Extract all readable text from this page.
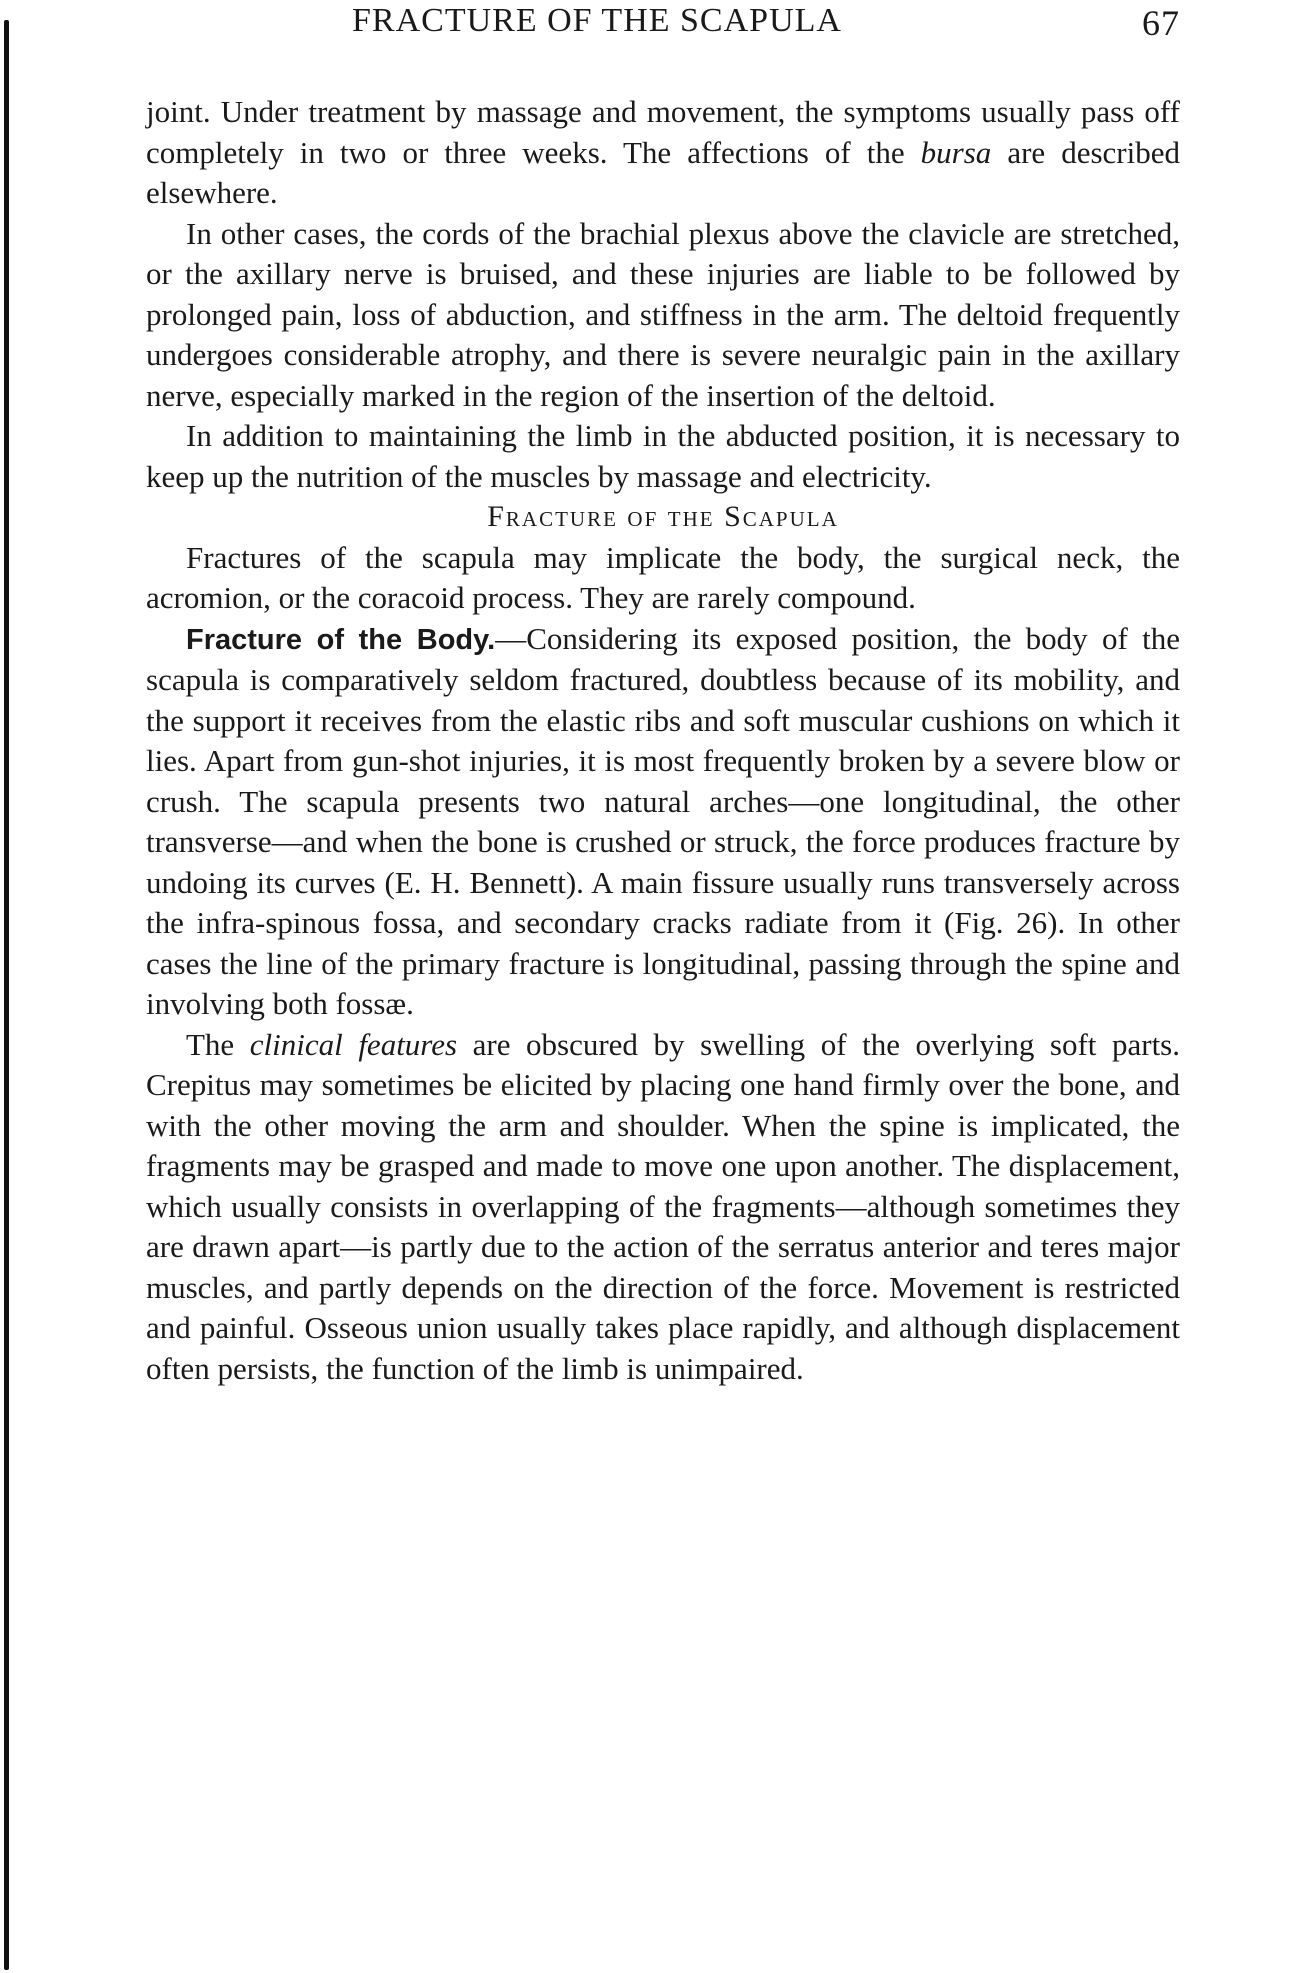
FRACTURE OF THE SCAPULA	67

joint. Under treatment by massage and movement, the symptoms usually pass off completely in two or three weeks. The affections of the bursa are described elsewhere.

In other cases, the cords of the brachial plexus above the clavicle are stretched, or the axillary nerve is bruised, and these injuries are liable to be followed by prolonged pain, loss of abduction, and stiffness in the arm. The deltoid frequently undergoes considerable atrophy, and there is severe neuralgic pain in the axillary nerve, especially marked in the region of the insertion of the deltoid.

In addition to maintaining the limb in the abducted position, it is necessary to keep up the nutrition of the muscles by massage and electricity.

Fracture of the Scapula

Fractures of the scapula may implicate the body, the surgical neck, the acromion, or the coracoid process. They are rarely compound.

Fracture of the Body.—Considering its exposed position, the body of the scapula is comparatively seldom fractured, doubtless because of its mobility, and the support it receives from the elastic ribs and soft muscular cushions on which it lies. Apart from gun-shot injuries, it is most frequently broken by a severe blow or crush. The scapula presents two natural arches—one longitudinal, the other transverse—and when the bone is crushed or struck, the force produces fracture by undoing its curves (E. H. Bennett). A main fissure usually runs transversely across the infra-spinous fossa, and secondary cracks radiate from it (Fig. 26). In other cases the line of the primary fracture is longitudinal, passing through the spine and involving both fossæ.

The clinical features are obscured by swelling of the overlying soft parts. Crepitus may sometimes be elicited by placing one hand firmly over the bone, and with the other moving the arm and shoulder. When the spine is implicated, the fragments may be grasped and made to move one upon another. The displacement, which usually consists in overlapping of the fragments—although sometimes they are drawn apart—is partly due to the action of the serratus anterior and teres major muscles, and partly depends on the direction of the force. Movement is restricted and painful. Osseous union usually takes place rapidly, and although displacement often persists, the function of the limb is unimpaired.
